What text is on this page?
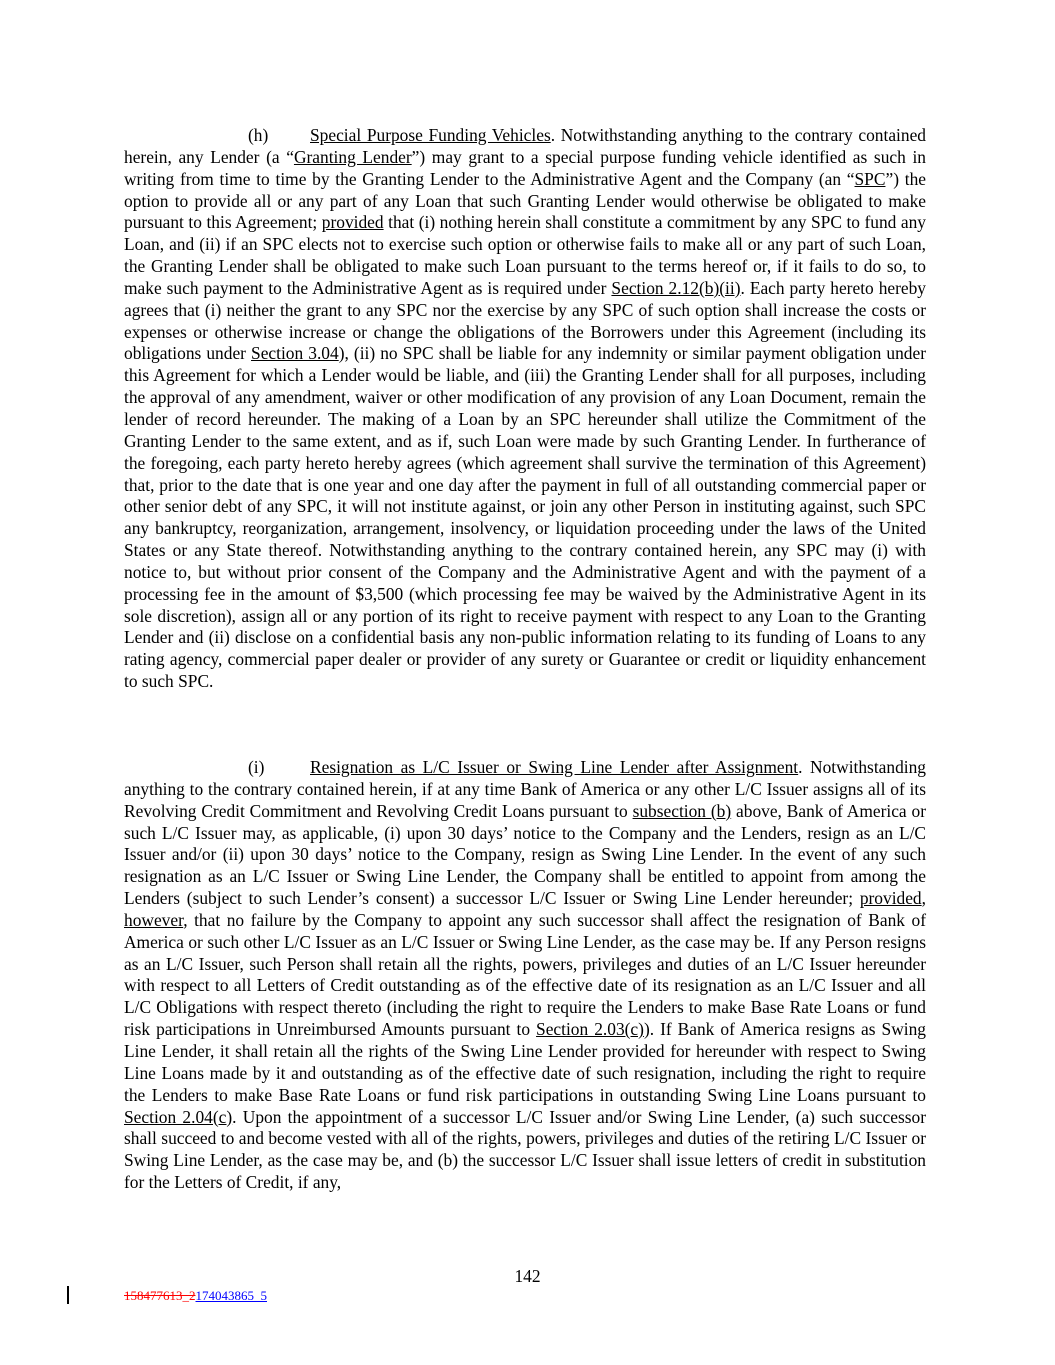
(h) Special Purpose Funding Vehicles. Notwithstanding anything to the contrary contained herein, any Lender (a “Granting Lender”) may grant to a special purpose funding vehicle identified as such in writing from time to time by the Granting Lender to the Administrative Agent and the Company (an “SPC”) the option to provide all or any part of any Loan that such Granting Lender would otherwise be obligated to make pursuant to this Agreement; provided that (i) nothing herein shall constitute a commitment by any SPC to fund any Loan, and (ii) if an SPC elects not to exercise such option or otherwise fails to make all or any part of such Loan, the Granting Lender shall be obligated to make such Loan pursuant to the terms hereof or, if it fails to do so, to make such payment to the Administrative Agent as is required under Section 2.12(b)(ii). Each party hereto hereby agrees that (i) neither the grant to any SPC nor the exercise by any SPC of such option shall increase the costs or expenses or otherwise increase or change the obligations of the Borrowers under this Agreement (including its obligations under Section 3.04), (ii) no SPC shall be liable for any indemnity or similar payment obligation under this Agreement for which a Lender would be liable, and (iii) the Granting Lender shall for all purposes, including the approval of any amendment, waiver or other modification of any provision of any Loan Document, remain the lender of record hereunder. The making of a Loan by an SPC hereunder shall utilize the Commitment of the Granting Lender to the same extent, and as if, such Loan were made by such Granting Lender. In furtherance of the foregoing, each party hereto hereby agrees (which agreement shall survive the termination of this Agreement) that, prior to the date that is one year and one day after the payment in full of all outstanding commercial paper or other senior debt of any SPC, it will not institute against, or join any other Person in instituting against, such SPC any bankruptcy, reorganization, arrangement, insolvency, or liquidation proceeding under the laws of the United States or any State thereof. Notwithstanding anything to the contrary contained herein, any SPC may (i) with notice to, but without prior consent of the Company and the Administrative Agent and with the payment of a processing fee in the amount of $3,500 (which processing fee may be waived by the Administrative Agent in its sole discretion), assign all or any portion of its right to receive payment with respect to any Loan to the Granting Lender and (ii) disclose on a confidential basis any non-public information relating to its funding of Loans to any rating agency, commercial paper dealer or provider of any surety or Guarantee or credit or liquidity enhancement to such SPC.

(i)	Resignation as L/C Issuer or Swing Line Lender after Assignment. Notwithstanding anything to the contrary contained herein, if at any time Bank of America or any other L/C Issuer assigns all of its Revolving Credit Commitment and Revolving Credit Loans pursuant to subsection (b) above, Bank of America or such L/C Issuer may, as applicable, (i) upon 30 days’ notice to the Company and the Lenders, resign as an L/C Issuer and/or (ii) upon 30 days’ notice to the Company, resign as Swing Line Lender. In the event of any such resignation as an L/C Issuer or Swing Line Lender, the Company shall be entitled to appoint from among the Lenders (subject to such Lender’s consent) a successor L/C Issuer or Swing Line Lender hereunder; provided, however, that no failure by the Company to appoint any such successor shall affect the resignation of Bank of America or such other L/C Issuer as an L/C Issuer or Swing Line Lender, as the case may be. If any Person resigns as an L/C Issuer, such Person shall retain all the rights, powers, privileges and duties of an L/C Issuer hereunder with respect to all Letters of Credit outstanding as of the effective date of its resignation as an L/C Issuer and all L/C Obligations with respect thereto (including the right to require the Lenders to make Base Rate Loans or fund risk participations in Unreimbursed Amounts pursuant to Section 2.03(c)). If Bank of America resigns as Swing Line Lender, it shall retain all the rights of the Swing Line Lender provided for hereunder with respect to Swing Line Loans made by it and outstanding as of the effective date of such resignation, including the right to require the Lenders to make Base Rate Loans or fund risk participations in outstanding Swing Line Loans pursuant to Section 2.04(c). Upon the appointment of a successor L/C Issuer and/or Swing Line Lender, (a) such successor shall succeed to and become vested with all of the rights, powers, privileges and duties of the retiring L/C Issuer or Swing Line Lender, as the case may be, and (b) the successor L/C Issuer shall issue letters of credit in substitution for the Letters of Credit, if any,

142
158477613_2174043865_5
